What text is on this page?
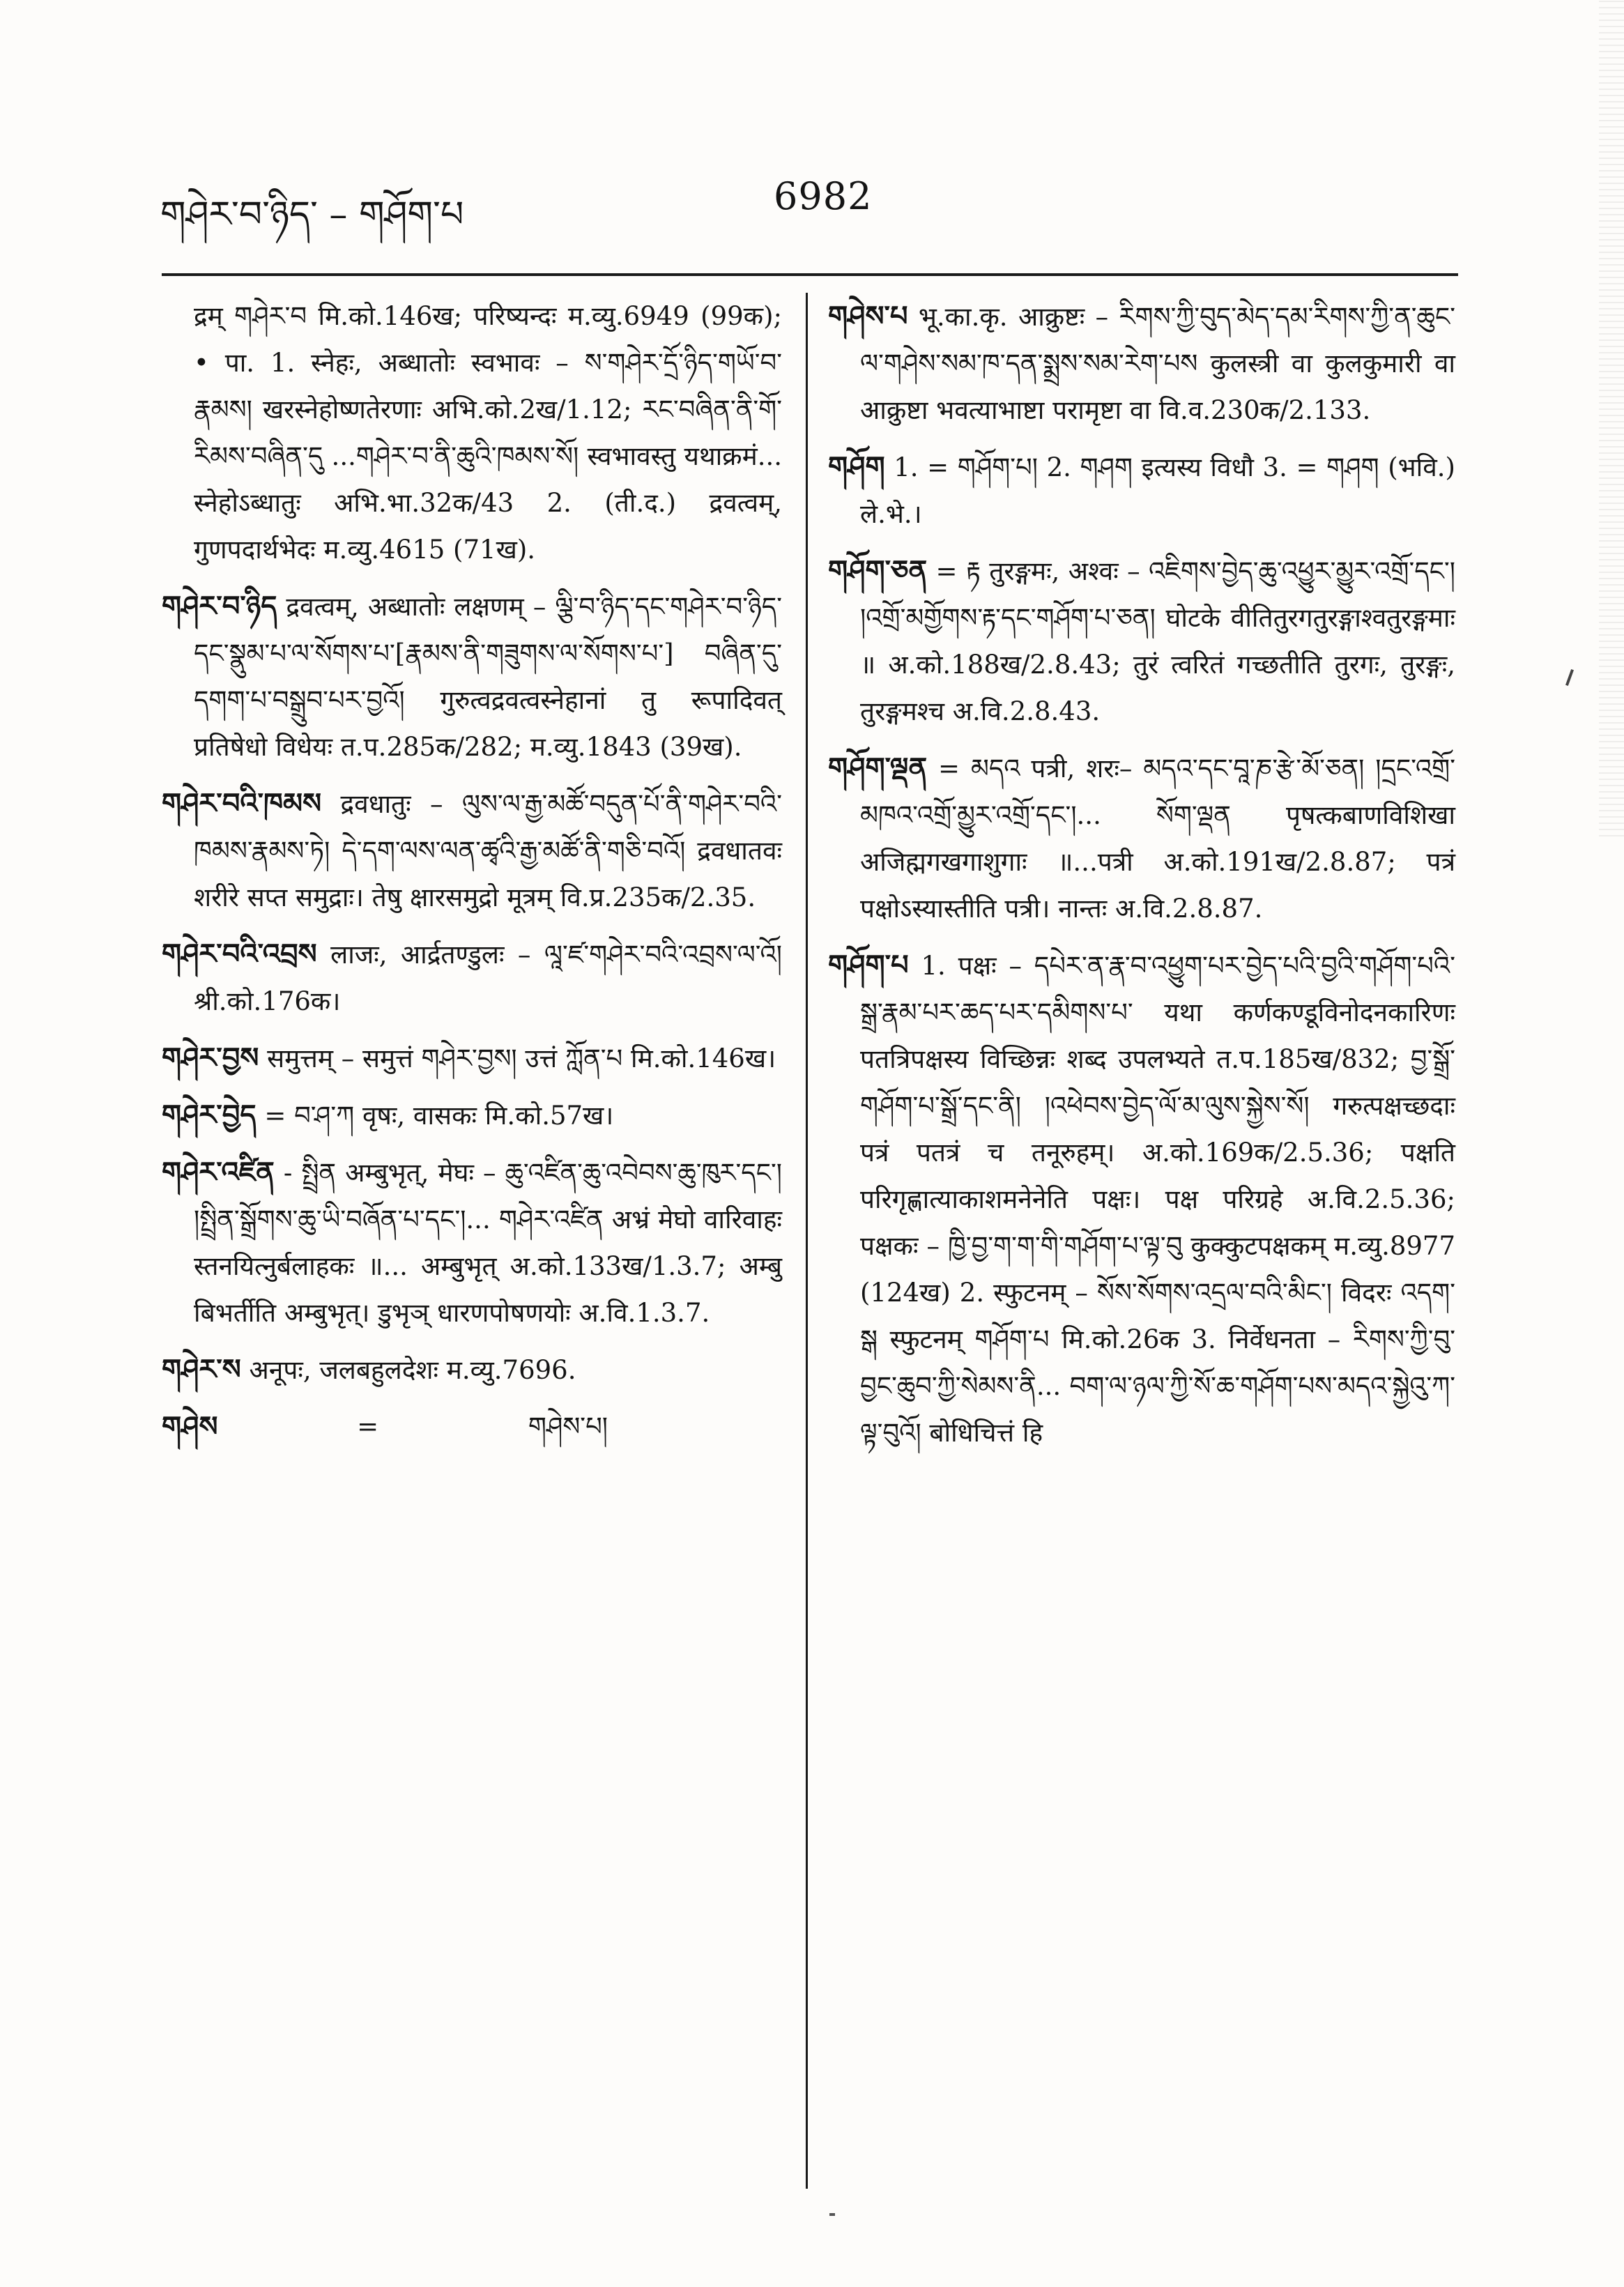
གཤེར་བ་ཉིད་ – གཤོག་པ	6982

द्रम् གཤེར་བ मि.को.146ख; परिष्यन्दः म.व्यु.6949 (99क); • पा. 1. स्नेहः, अब्धातोः स्वभावः – ས་གཤེར་དྲོ་ཉིད་གཡོ་བ་རྣམས། खरस्नेहोष्णतेरणाः अभि.को.2ख/1.12; རང་བཞིན་ནི་གོ་རིམས་བཞིན་དུ ...གཤེར་བ་ནི་ཆུའི་ཁམས་སོ། स्वभावस्तु यथाक्रमं... स्नेहोऽब्धातुः अभि.भा.32क/43 2. (ती.द.) द्रवत्वम्, गुणपदार्थभेदः म.व्यु.4615 (71ख).

གཤེར་བ་ཉིད द्रवत्वम्, अब्धातोः लक्षणम् – ལྕི་བ་ཉིད་དང་གཤེར་བ་ཉིད་དང་སྣུམ་པ་ལ་སོགས་པ་[རྣམས་ནི་གཟུགས་ལ་སོགས་པ་] བཞིན་དུ་དགག་པ་བསྒྲུབ་པར་བྱའོ། गुरुत्वद्रवत्वस्नेहानां तु रूपादिवत् प्रतिषेधो विधेयः त.प.285क/282; म.व्यु.1843 (39ख).

གཤེར་བའི་ཁམས द्रवधातुः – ལུས་ལ་རྒྱ་མཚོ་བདུན་པོ་ནི་གཤེར་བའི་ཁམས་རྣམས་ཏེ། དེ་དག་ལས་ལན་ཚྭའི་རྒྱ་མཚོ་ནི་གཅི་བའོ། द्रवधातवः शरीरे सप्त समुद्राः। तेषु क्षारसमुद्रो मूत्रम् वि.प्र.235क/2.35.

གཤེར་བའི་འབྲས लाजः, आर्द्रतण्डुलः – ལཱ་ཛ་གཤེར་བའི་འབྲས་ལ་འོ། श्री.को.176क।

གཤེར་བྱས समुत्तम् – समुत्तं གཤེར་བྱས། उत्तं ཀློན་པ मि.को.146ख।

གཤེར་བྱེད = བ་ཤ་ཀ वृषः, वासकः मि.को.57ख।

གཤེར་འཛིན - སྤྲིན अम्बुभृत्, मेघः – ཆུ་འཛིན་ཆུ་འབེབས་ཆུ་ཁུར་དང་། །སྤྲིན་སྒྲོགས་ཆུ་ཡི་བཞོན་པ་དང་།... གཤེར་འཛིན अभ्रं मेघो वारिवाहः स्तनयित्नुर्बलाहकः ॥... अम्बुभृत् अ.को.133ख/1.3.7; अम्बु बिभर्तीति अम्बुभृत्। डुभृञ् धारणपोषणयोः अ.वि.1.3.7.

གཤེར་ས अनूपः, जलबहुलदेशः म.व्यु.7696.

གཤེས	=	གཤེས་པ།

གཤེས་པ भू.का.कृ. आक्रुष्टः – རིགས་ཀྱི་བུད་མེད་དམ་རིགས་ཀྱི་ན་ཆུང་ལ་གཤེས་སམ་ཁ་དན་སྨྲས་སམ་རེག་པས कुलस्त्री वा कुलकुमारी वा आक्रुष्टा भवत्याभाष्टा परामृष्टा वा वि.व.230क/2.133.

གཤོག 1. = གཤོག་པ། 2. གཤག इत्यस्य विधौ 3. = གཤག (भवि.) ले.भे.।

གཤོག་ཅན = རྟ तुरङ्गमः, अश्वः – འཇིགས་བྱེད་ཆུ་འཕྱུར་མྱུར་འགྲོ་དང་། །འགྲོ་མགྱོགས་རྟ་དང་གཤོག་པ་ཅན། घोटके वीतितुरगतुरङ्गाश्वतुरङ्गमाः ॥ अ.को.188ख/2.8.43; तुरं त्वरितं गच्छतीति तुरगः, तुरङ्गः, तुरङ्गमश्च अ.वि.2.8.43.

གཤོག་ལྡན = མདའ पत्री, शरः– མདའ་དང་བཱ་ཎ་རྩེ་མོ་ཅན། །དྲང་འགྲོ་མཁའ་འགྲོ་མྱུར་འགྲོ་དང་།... སོག་ལྡན पृषत्कबाणविशिखा अजिह्मगखगाशुगाः ॥...पत्री अ.को.191ख/2.8.87; पत्रं पक्षोऽस्यास्तीति पत्री। नान्तः अ.वि.2.8.87.

གཤོག་པ 1. पक्षः – དཔེར་ན་རྣ་བ་འཕྱུག་པར་བྱེད་པའི་བྱའི་གཤོག་པའི་སྒྲ་རྣམ་པར་ཆད་པར་དམིགས་པ་ यथा कर्णकण्डूविनोदनकारिणः पतत्रिपक्षस्य विच्छिन्नः शब्द उपलभ्यते त.प.185ख/832; བྱ་སྒྲོ་གཤོག་པ་སྒྲོ་དང་ནི། །འཕེབས་བྱེད་ལོ་མ་ལུས་སྐྱེས་སོ། गरुत्पक्षच्छदाः पत्रं पतत्रं च तनूरुहम्। अ.को.169क/2.5.36; पक्षति परिगृह्णात्याकाशमनेनेति पक्षः। पक्ष परिग्रहे अ.वि.2.5.36; पक्षकः – ཁྱི་བྱ་ག་ག་གི་གཤོག་པ་ལྟ་བུ कुक्कुटपक्षकम् म.व्यु.8977 (124ख) 2. स्फुटनम् – སོས་སོགས་འདྲལ་བའི་མིང་། विदरः འདག་ སྒ स्फुटनम् གཤོག་པ मि.को.26क 3. निर्वेधनता – རིགས་ཀྱི་བུ་བྱང་ཆུབ་ཀྱི་སེམས་ནི... བག་ལ་ཉལ་ཀྱི་སོ་ཆ་གཤོག་པས་མདའ་སྐྱེའུ་ཀ་ལྟ་བུའོ། बोधिचित्तं हि
